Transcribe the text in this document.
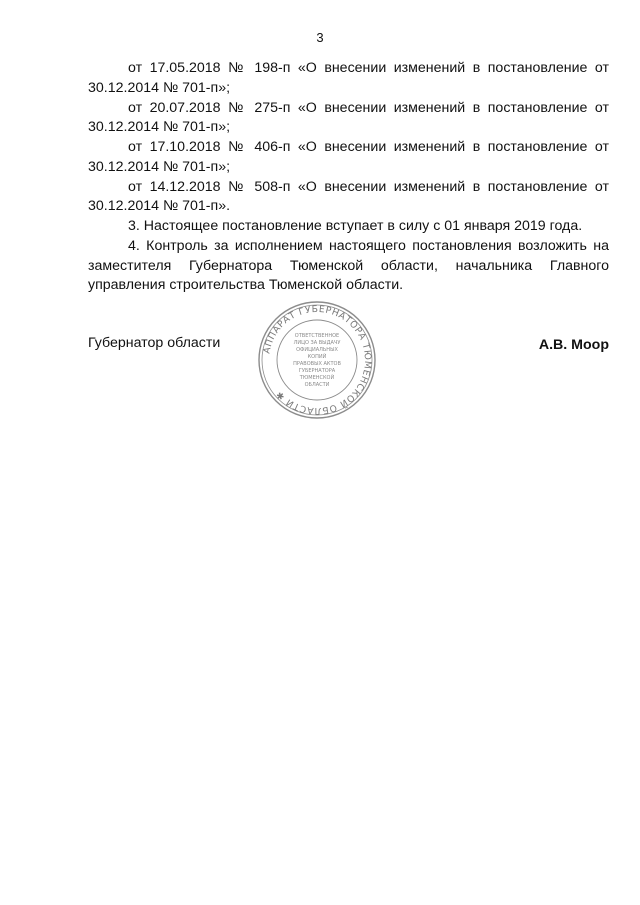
3
от 17.05.2018 № 198-п «О внесении изменений в постановление от
30.12.2014 № 701-п»;
от 20.07.2018 № 275-п «О внесении изменений в постановление от
30.12.2014 № 701-п»;
от 17.10.2018 № 406-п «О внесении изменений в постановление от
30.12.2014 № 701-п»;
от 14.12.2018 № 508-п «О внесении изменений в постановление от
30.12.2014 № 701-п».
3. Настоящее постановление вступает в силу с 01 января 2019 года.
4. Контроль за исполнением настоящего постановления возложить на заместителя Губернатора Тюменской области, начальника Главного управления строительства Тюменской области.
Губернатор области	АППАРАТ ГУБЕРНАТОРА ТЮМЕНСКОЙ ОБЛАСТИ ✱
ОТВЕТСТВЕННОЕ
ЛИЦО ЗА ВЫДАЧУ
ОФИЦИАЛЬНЫХ
КОПИЙ
ПРАВОВЫХ АКТОВ
ГУБЕРНАТОРА
ТЮМЕНСКОЙ
ОБЛАСТИ
А.В. Моор
